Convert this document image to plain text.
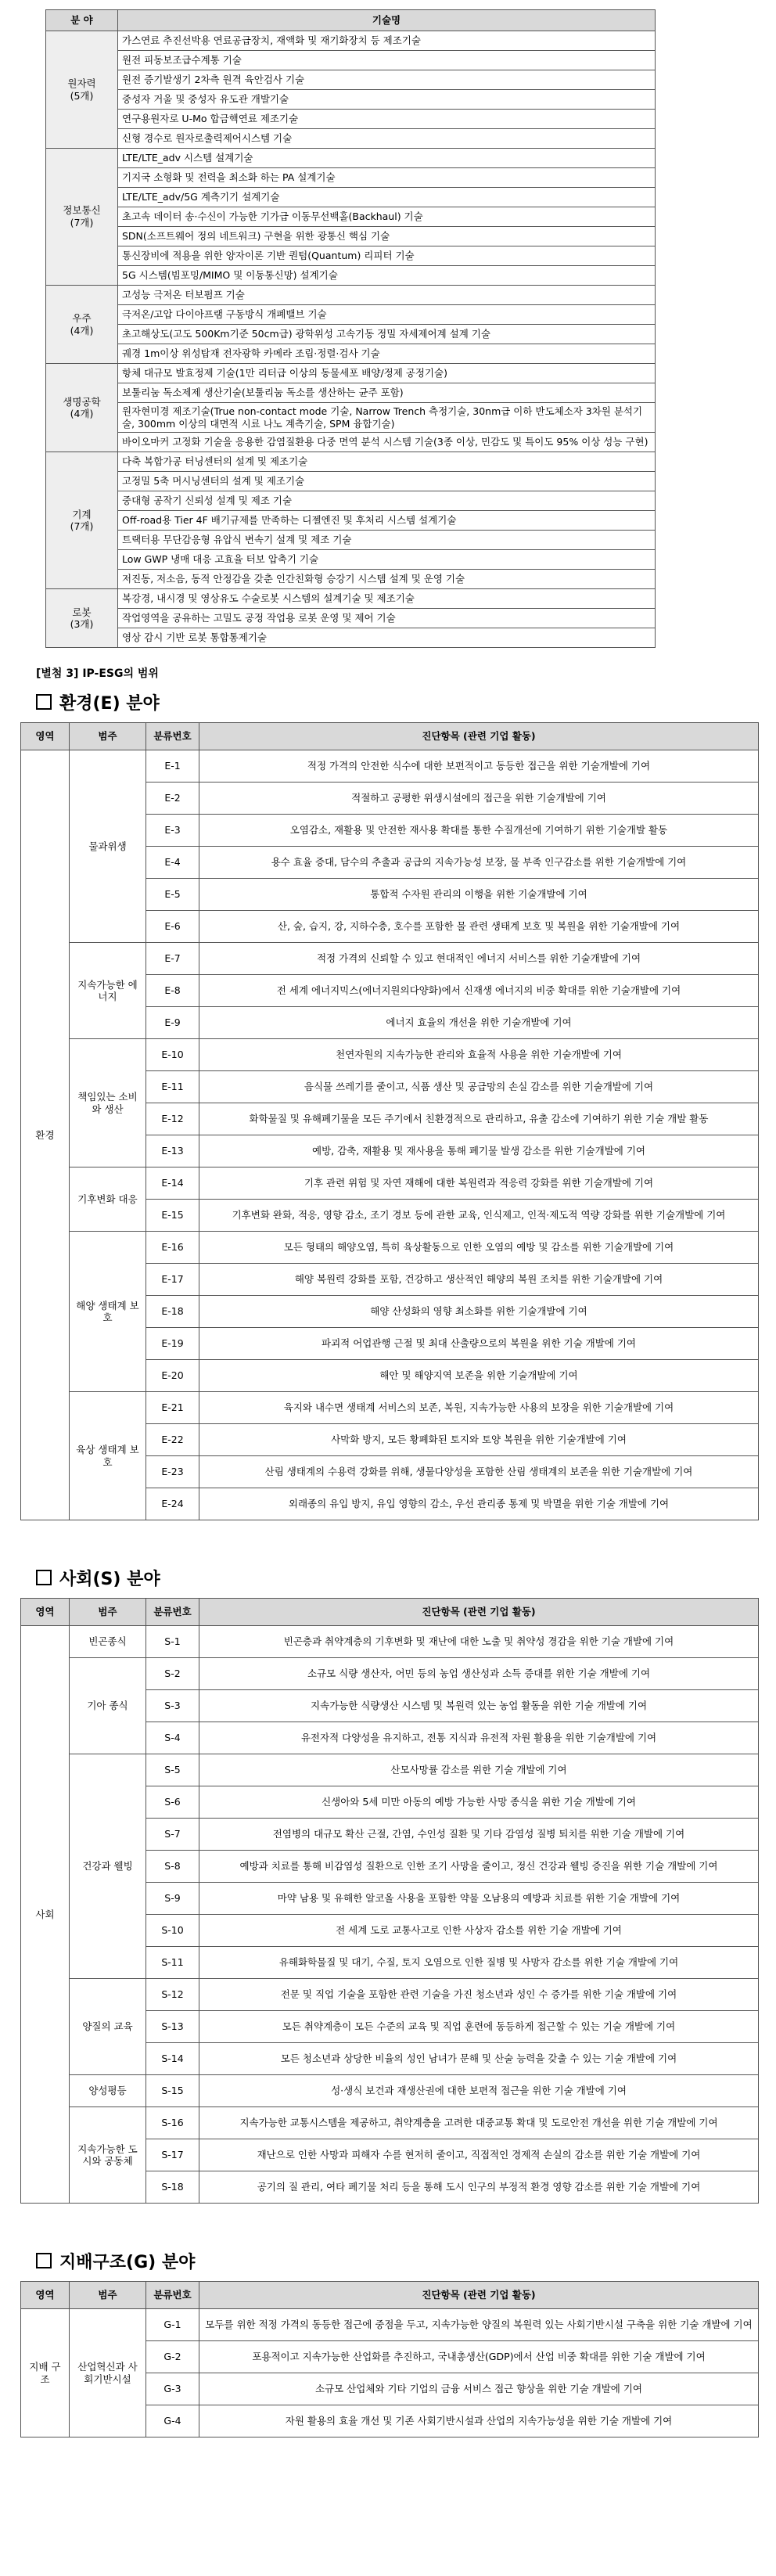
분 야	기술명

원자력
(5개)	가스연료 추진선박용 연료공급장치, 재액화 및 재기화장치 등 제조기술
	원전 피동보조급수계통 기술
	원전 증기발생기 2차측 원격 육안검사 기술
	중성자 거울 및 중성자 유도관 개발기술
	연구용원자로 U-Mo 합금핵연료 제조기술
	신형 경수로 원자로출력제어시스템 기술

정보통신
(7개)	LTE/LTE_adv 시스템 설계기술
	기지국 소형화 및 전력을 최소화 하는 PA 설계기술
	LTE/LTE_adv/5G 계측기기 설계기술
	초고속 데이터 송·수신이 가능한 기가급 이동무선백홀(Backhaul) 기술
	SDN(소프트웨어 정의 네트워크) 구현을 위한 광통신 핵심 기술
	통신장비에 적용을 위한 양자이론 기반 퀀텀(Quantum) 리피터 기술
	5G 시스템(빔포밍/MIMO 및 이동통신망) 설계기술

우주
(4개)	고성능 극저온 터보펌프 기술
	극저온/고압 다이아프램 구동방식 개폐밸브 기술
	초고해상도(고도 500Km기준 50cm급) 광학위성 고속기동 정밀 자세제어계 설계 기술
	궤경 1m이상 위성탑재 전자광학 카메라 조립·정렬·검사 기술

생명공학
(4개)	항체 대규모 발효정제 기술(1만 리터급 이상의 동물세포 배양/정제 공정기술)
	보툴리눔 독소제제 생산기술(보툴리눔 독소를 생산하는 균주 포함)
	원자현미경 제조기술(True non-contact mode 기술, Narrow Trench 측정기술, 30nm급 이하 반도체소자 3차원 분석기술, 300mm 이상의 대면적 시료 나노 계측기술, SPM 융합기술)
	바이오마커 고정화 기술을 응용한 감염질환용 다중 면역 분석 시스템 기술(3종 이상, 민감도 및 특이도 95% 이상 성능 구현)

기계
(7개)	다축 복합가공 터닝센터의 설계 및 제조기술
	고정밀 5축 머시닝센터의 설계 및 제조기술
	중대형 공작기 신뢰성 설계 및 제조 기술
	Off-road용 Tier 4F 배기규제를 만족하는 디젤엔진 및 후처리 시스템 설계기술
	트랙터용 무단감응형 유압식 변속기 설계 및 제조 기술
	Low GWP 냉매 대응 고효율 터보 압축기 기술
	저진동, 저소음, 동적 안정감을 갖춘 인간친화형 승강기 시스템 설계 및 운영 기술

로봇
(3개)	복강경, 내시경 및 영상유도 수술로봇 시스템의 설계기술 및 제조기술
	작업영역을 공유하는 고밀도 공정 작업용 로봇 운영 및 제어 기술
	영상 감시 기반 로봇 통합통제기술
[별첨 3] IP-ESG의 범위
환경(E) 분야
영역	범주	분류번호	진단항목 (관련 기업 활동)
환경	물과위생	E-1	적정 가격의 안전한 식수에 대한 보편적이고 동등한 접근을 위한 기술개발에 기여
		E-2	적절하고 공평한 위생시설에의 접근을 위한 기술개발에 기여
		E-3	오염감소, 재활용 및 안전한 재사용 확대를 통한 수질개선에 기여하기 위한 기술개발 활동
		E-4	용수 효율 증대, 담수의 추출과 공급의 지속가능성 보장, 물 부족 인구감소를 위한 기술개발에 기여
		E-5	통합적 수자원 관리의 이행을 위한 기술개발에 기여
		E-6	산, 숲, 습지, 강, 지하수층, 호수를 포함한 물 관련 생태계 보호 및 복원을 위한 기술개발에 기여
	지속가능한 에너지	E-7	적정 가격의 신뢰할 수 있고 현대적인 에너지 서비스를 위한 기술개발에 기여
		E-8	전 세계 에너지믹스(에너지원의다양화)에서 신재생 에너지의 비중 확대를 위한 기술개발에 기여
		E-9	에너지 효율의 개선을 위한 기술개발에 기여
	책임있는 소비와 생산	E-10	천연자원의 지속가능한 관리와 효율적 사용을 위한 기술개발에 기여
		E-11	음식물 쓰레기를 줄이고, 식품 생산 및 공급망의 손실 감소를 위한 기술개발에 기여
		E-12	화학물질 및 유해폐기물을 모든 주기에서 친환경적으로 관리하고, 유출 감소에 기여하기 위한 기술 개발 활동
		E-13	예방, 감축, 재활용 및 재사용을 통해 폐기물 발생 감소를 위한 기술개발에 기여
	기후변화 대응	E-14	기후 관련 위험 및 자연 재해에 대한 복원력과 적응력 강화를 위한 기술개발에 기여
		E-15	기후변화 완화, 적응, 영향 감소, 조기 경보 등에 관한 교육, 인식제고, 인적·제도적 역량 강화를 위한 기술개발에 기여
	해양 생태계 보호	E-16	모든 형태의 해양오염, 특히 육상활동으로 인한 오염의 예방 및 감소를 위한 기술개발에 기여
		E-17	해양 복원력 강화를 포함, 건강하고 생산적인 해양의 복원 조치를 위한 기술개발에 기여
		E-18	해양 산성화의 영향 최소화를 위한 기술개발에 기여
		E-19	파괴적 어업관행 근절 및 최대 산출량으로의 복원을 위한 기술 개발에 기여
		E-20	해안 및 해양지역 보존을 위한 기술개발에 기여
	육상 생태계 보호	E-21	육지와 내수면 생태계 서비스의 보존, 복원, 지속가능한 사용의 보장을 위한 기술개발에 기여
		E-22	사막화 방지, 모든 황폐화된 토지와 토양 복원을 위한 기술개발에 기여
		E-23	산림 생태계의 수용력 강화를 위해, 생물다양성을 포함한 산림 생태계의 보존을 위한 기술개발에 기여
		E-24	외래종의 유입 방지, 유입 영향의 감소, 우선 관리종 통제 및 박멸을 위한 기술 개발에 기여
사회(S) 분야
영역	범주	분류번호	진단항목 (관련 기업 활동)
사회	빈곤종식	S-1	빈곤층과 취약계층의 기후변화 및 재난에 대한 노출 및 취약성 경감을 위한 기술 개발에 기여
	기아 종식	S-2	소규모 식량 생산자, 어민 등의 농업 생산성과 소득 증대를 위한 기술 개발에 기여
		S-3	지속가능한 식량생산 시스템 및 복원력 있는 농업 활동을 위한 기술 개발에 기여
		S-4	유전자적 다양성을 유지하고, 전통 지식과 유전적 자원 활용을 위한 기술개발에 기여
	건강과 웰빙	S-5	산모사망률 감소를 위한 기술 개발에 기여
		S-6	신생아와 5세 미만 아동의 예방 가능한 사망 종식을 위한 기술 개발에 기여
		S-7	전염병의 대규모 확산 근절, 간염, 수인성 질환 및 기타 감염성 질병 퇴치를 위한 기술 개발에 기여
		S-8	예방과 치료를 통해 비감염성 질환으로 인한 조기 사망을 줄이고, 정신 건강과 웰빙 증진을 위한 기술 개발에 기여
		S-9	마약 남용 및 유해한 알코올 사용을 포함한 약물 오남용의 예방과 치료를 위한 기술 개발에 기여
		S-10	전 세계 도로 교통사고로 인한 사상자 감소를 위한 기술 개발에 기여
		S-11	유해화학물질 및 대기, 수질, 토지 오염으로 인한 질병 및 사망자 감소를 위한 기술 개발에 기여
	양질의 교육	S-12	전문 및 직업 기술을 포함한 관련 기술을 가진 청소년과 성인 수 증가를 위한 기술 개발에 기여
		S-13	모든 취약계층이 모든 수준의 교육 및 직업 훈련에 동등하게 접근할 수 있는 기술 개발에 기여
		S-14	모든 청소년과 상당한 비율의 성인 남녀가 문해 및 산술 능력을 갖출 수 있는 기술 개발에 기여
	양성평등	S-15	성·생식 보건과 재생산권에 대한 보편적 접근을 위한 기술 개발에 기여
	지속가능한 도시와 공동체	S-16	지속가능한 교통시스템을 제공하고, 취약계층을 고려한 대중교통 확대 및 도로안전 개선을 위한 기술 개발에 기여
		S-17	재난으로 인한 사망과 피해자 수를 현저히 줄이고, 직접적인 경제적 손실의 감소를 위한 기술 개발에 기여
		S-18	공기의 질 관리, 여타 폐기물 처리 등을 통해 도시 인구의 부정적 환경 영향 감소를 위한 기술 개발에 기여
지배구조(G) 분야
영역	범주	분류번호	진단항목 (관련 기업 활동)
지배 구조	산업혁신과 사회기반시설	G-1	모두를 위한 적정 가격의 동등한 접근에 중점을 두고, 지속가능한 양질의 복원력 있는 사회기반시설 구축을 위한 기술 개발에 기여
		G-2	포용적이고 지속가능한 산업화를 추진하고, 국내총생산(GDP)에서 산업 비중 확대를 위한 기술 개발에 기여
		G-3	소규모 산업체와 기타 기업의 금융 서비스 접근 향상을 위한 기술 개발에 기여
		G-4	자원 활용의 효율 개선 및 기존 사회기반시설과 산업의 지속가능성을 위한 기술 개발에 기여
